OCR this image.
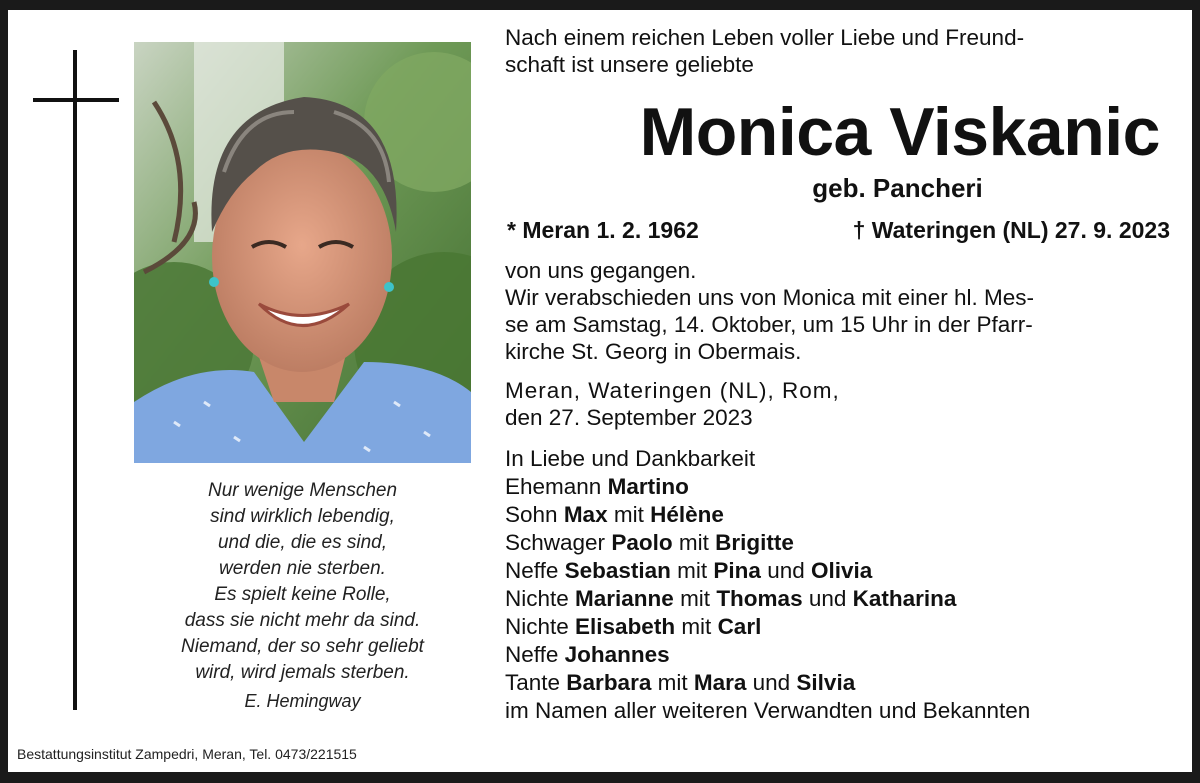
Nur wenige Menschen
sind wirklich lebendig,
und die, die es sind,
werden nie sterben.
Es spielt keine Rolle,
dass sie nicht mehr da sind.
Niemand, der so sehr geliebt
wird, wird jemals sterben.
E. Hemingway
Bestattungsinstitut Zampedri, Meran, Tel. 0473/221515
Nach einem reichen Leben voller Liebe und Freund-
schaft ist unsere geliebte
Monica Viskanic
geb. Pancheri
* Meran 1. 2. 1962	† Wateringen (NL) 27. 9. 2023
von uns gegangen.
Wir verabschieden uns von Monica mit einer hl. Mes-
se am Samstag, 14. Oktober, um 15 Uhr in der Pfarr-
kirche St. Georg in Obermais.
Meran, Wateringen (NL), Rom,
den 27. September 2023
In Liebe und Dankbarkeit
Ehemann Martino
Sohn Max mit Hélène
Schwager Paolo mit Brigitte
Neffe Sebastian mit Pina und Olivia
Nichte Marianne mit Thomas und Katharina
Nichte Elisabeth mit Carl
Neffe Johannes
Tante Barbara mit Mara und Silvia
im Namen aller weiteren Verwandten und Bekannten
